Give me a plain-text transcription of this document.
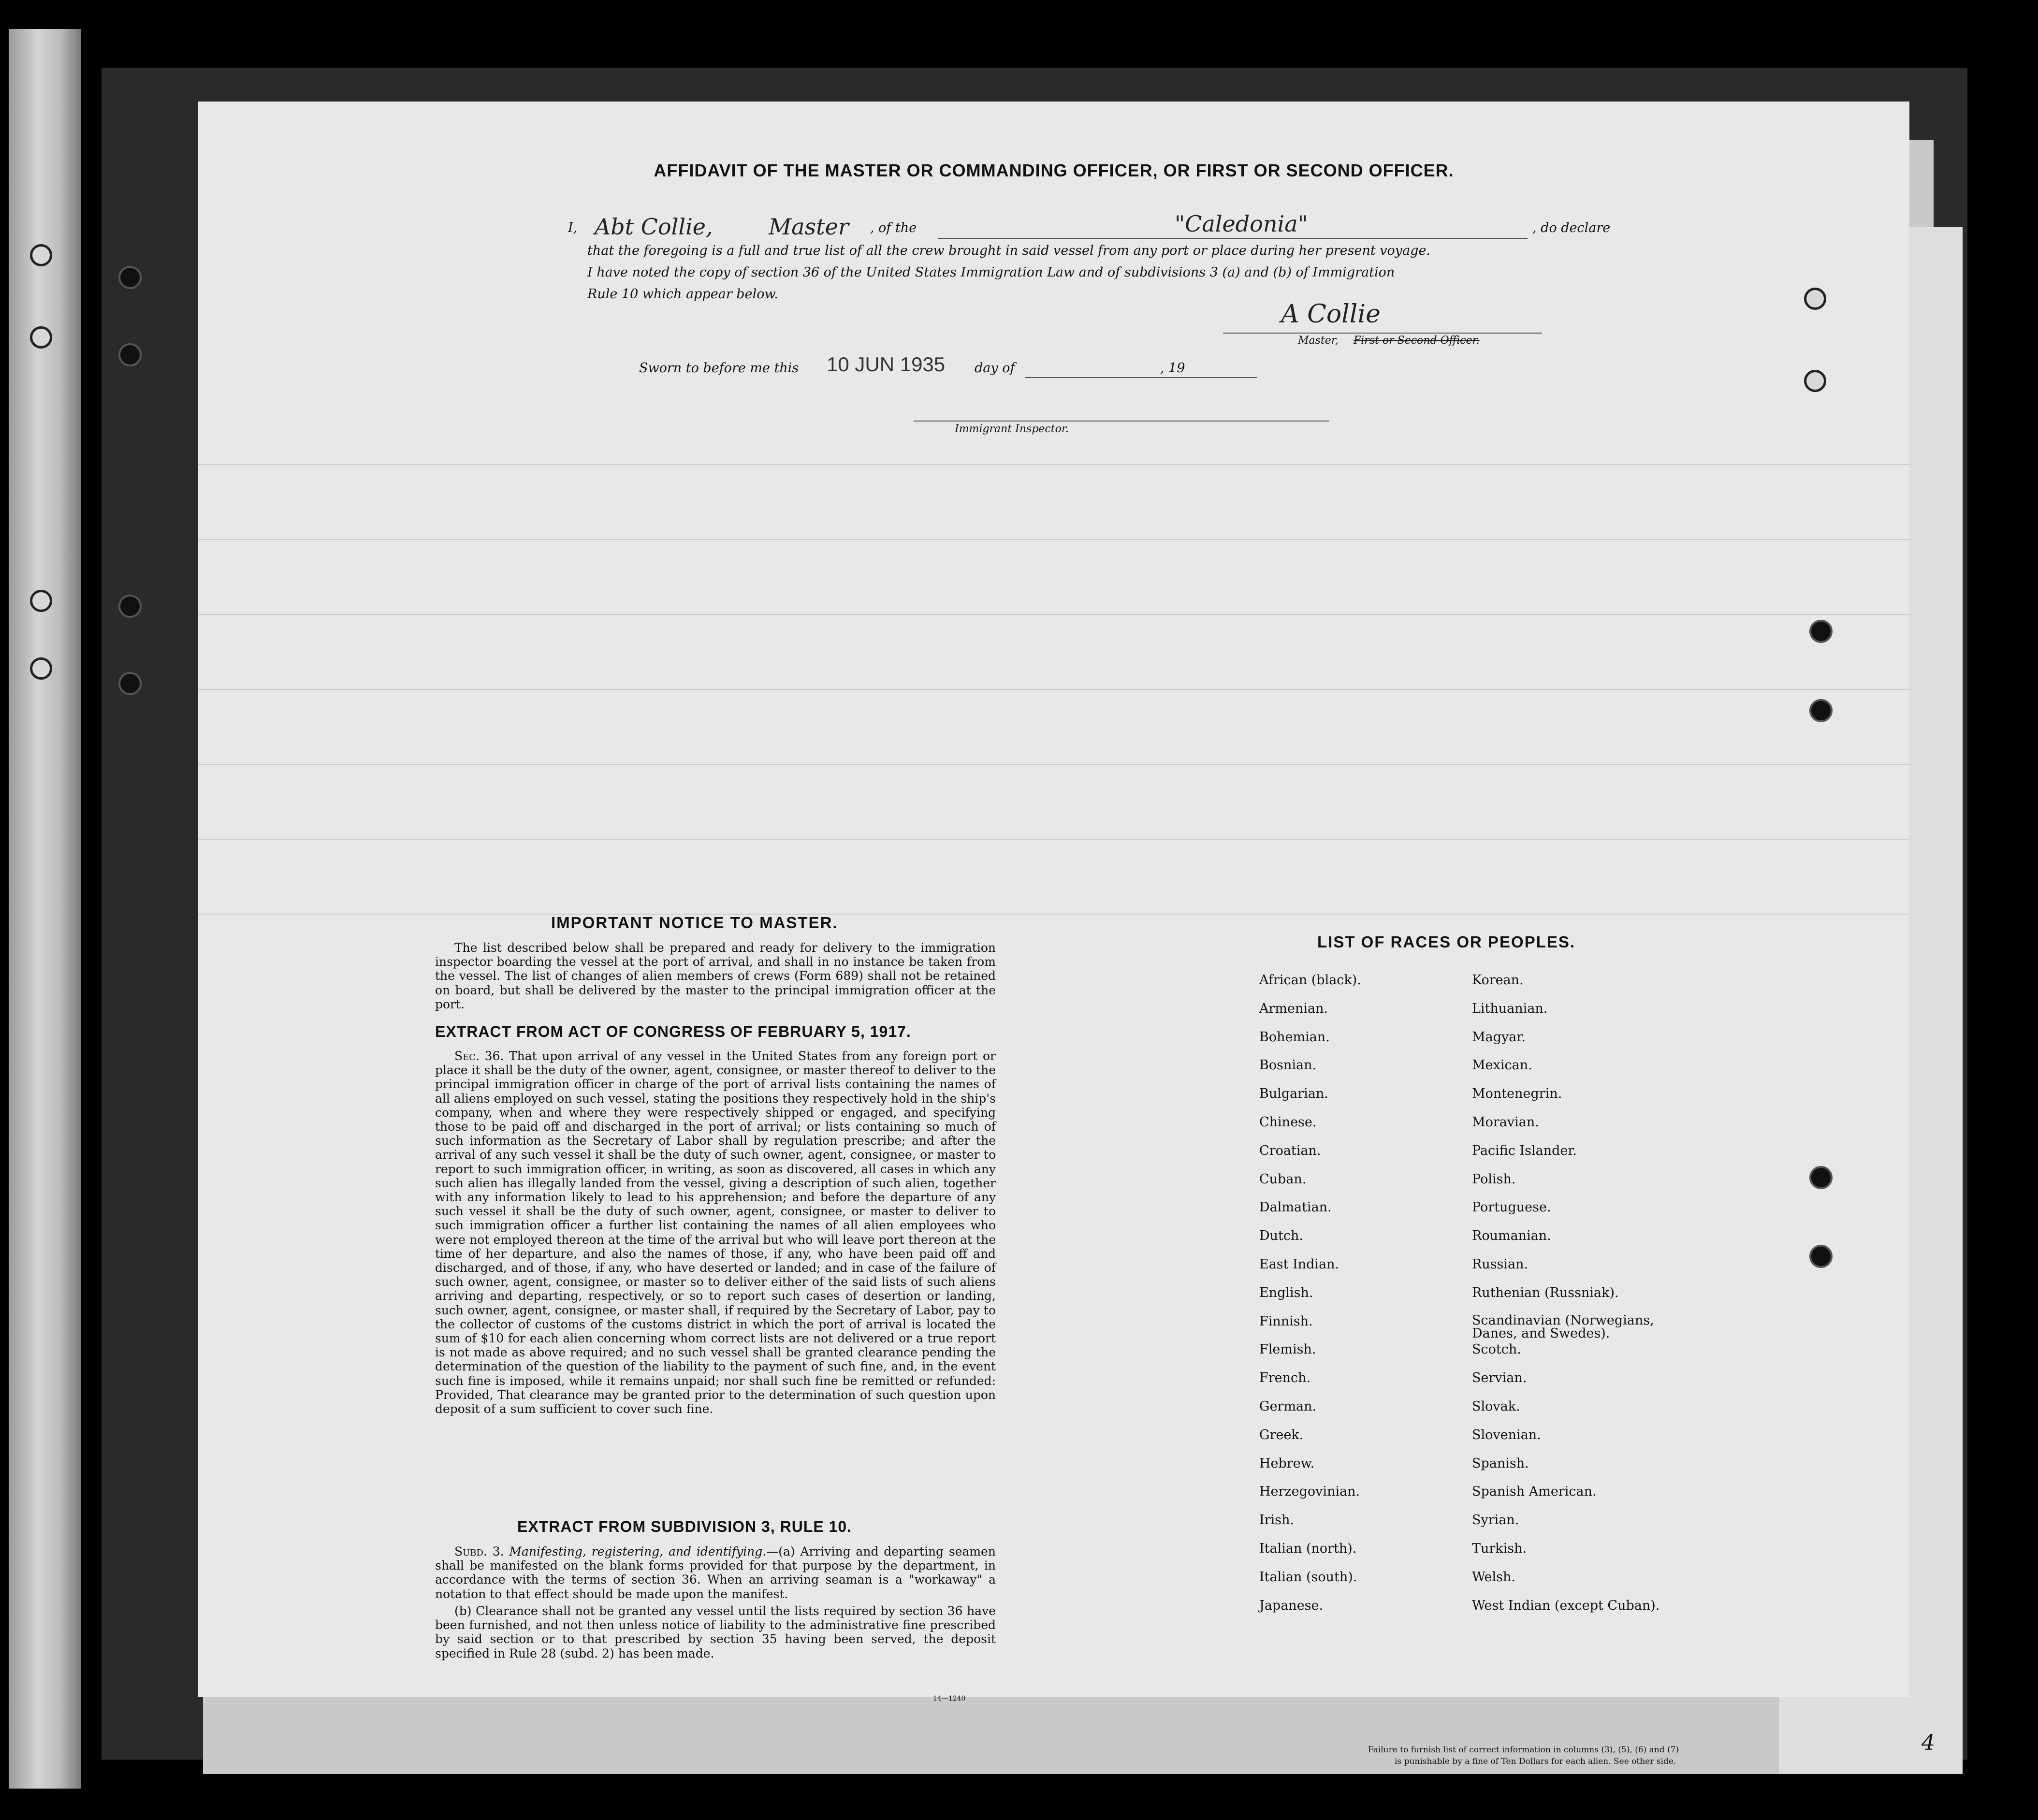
AFFIDAVIT OF THE MASTER OR COMMANDING OFFICER, OR FIRST OR SECOND OFFICER.
I, Abt Collie,	Master , of the	"Caledonia"	, do declare
that the foregoing is a full and true list of all the crew brought in said vessel from any port or place during her present voyage.
I have noted the copy of section 36 of the United States Immigration Law and of subdivisions 3 (a) and (b) of Immigration
Rule 10 which appear below.
A Collie
Master, First or Second Officer.
Sworn to before me this 10 JUN 1935 day of	, 19
Immigrant Inspector.
IMPORTANT NOTICE TO MASTER.
The list described below shall be prepared and ready for delivery to the immigration inspector boarding the vessel at the port of arrival, and shall in no instance be taken from the vessel. The list of changes of alien members of crews (Form 689) shall not be retained on board, but shall be delivered by the master to the principal immigration officer at the port.
EXTRACT FROM ACT OF CONGRESS OF FEBRUARY 5, 1917.
Sec. 36. That upon arrival of any vessel in the United States from any foreign port or place it shall be the duty of the owner, agent, consignee, or master thereof to deliver to the principal immigration officer in charge of the port of arrival lists containing the names of all aliens employed on such vessel, stating the positions they respectively hold in the ship's company, when and where they were respectively shipped or engaged, and specifying those to be paid off and discharged in the port of arrival; or lists containing so much of such information as the Secretary of Labor shall by regulation prescribe; and after the arrival of any such vessel it shall be the duty of such owner, agent, consignee, or master to report to such immigration officer, in writing, as soon as discovered, all cases in which any such alien has illegally landed from the vessel, giving a description of such alien, together with any information likely to lead to his apprehension; and before the departure of any such vessel it shall be the duty of such owner, agent, consignee, or master to deliver to such immigration officer a further list containing the names of all alien employees who were not employed thereon at the time of the arrival but who will leave port thereon at the time of her departure, and also the names of those, if any, who have been paid off and discharged, and of those, if any, who have deserted or landed; and in case of the failure of such owner, agent, consignee, or master so to deliver either of the said lists of such aliens arriving and departing, respectively, or so to report such cases of desertion or landing, such owner, agent, consignee, or master shall, if required by the Secretary of Labor, pay to the collector of customs of the customs district in which the port of arrival is located the sum of $10 for each alien concerning whom correct lists are not delivered or a true report is not made as above required; and no such vessel shall be granted clearance pending the determination of the question of the liability to the payment of such fine, and, in the event such fine is imposed, while it remains unpaid; nor shall such fine be remitted or refunded: Provided, That clearance may be granted prior to the determination of such question upon deposit of a sum sufficient to cover such fine.
EXTRACT FROM SUBDIVISION 3, RULE 10.
Subd. 3. Manifesting, registering, and identifying.—(a) Arriving and departing seamen shall be manifested on the blank forms provided for that purpose by the department, in accordance with the terms of section 36. When an arriving seaman is a "workaway" a notation to that effect should be made upon the manifest.
(b) Clearance shall not be granted any vessel until the lists required by section 36 have been furnished, and not then unless notice of liability to the administrative fine prescribed by said section or to that prescribed by section 35 having been served, the deposit specified in Rule 28 (subd. 2) has been made.
14—1240
LIST OF RACES OR PEOPLES.
African (black).
Armenian.
Bohemian.
Bosnian.
Bulgarian.
Chinese.
Croatian.
Cuban.
Dalmatian.
Dutch.
East Indian.
English.
Finnish.
Flemish.
French.
German.
Greek.
Hebrew.
Herzegovinian.
Irish.
Italian (north).
Italian (south).
Japanese.
Korean.
Lithuanian.
Magyar.
Mexican.
Montenegrin.
Moravian.
Pacific Islander.
Polish.
Portuguese.
Roumanian.
Russian.
Ruthenian (Russniak).
Scandinavian (Norwegians, Danes, and Swedes).
Scotch.
Servian.
Slovak.
Slovenian.
Spanish.
Spanish American.
Syrian.
Turkish.
Welsh.
West Indian (except Cuban).
Failure to furnish list of correct information in columns (3), (5), (6) and (7)
is punishable by a fine of Ten Dollars for each alien. See other side.
4
